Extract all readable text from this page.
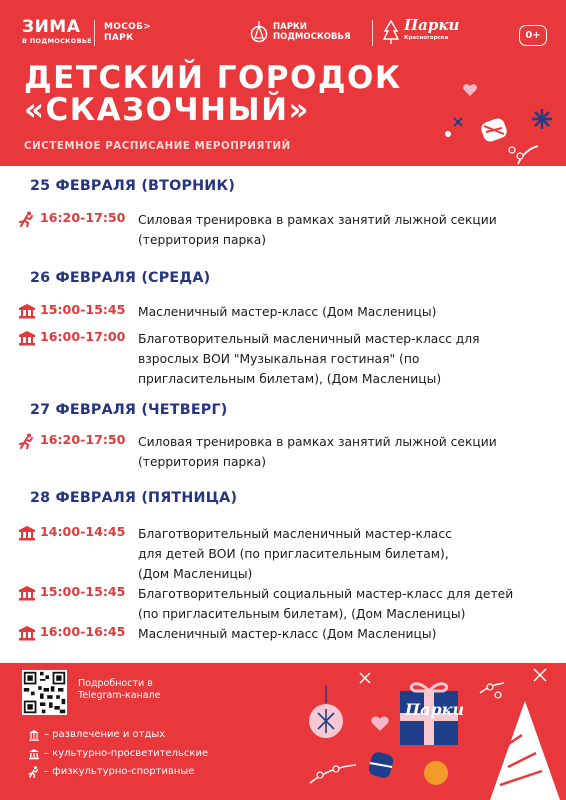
ЗИМА
В ПОДМОСКОВЬЕ
МОСОБ>
ПАРК
ПАРКИ
ПОДМОСКОВЬЯ
Парки
Красногорска	0+
ДЕТСКИЙ ГОРОДОК
«СКАЗОЧНЫЙ»
СИСТЕМНОЕ РАСПИСАНИЕ МЕРОПРИЯТИЙ
25 ФЕВРАЛЯ (ВТОРНИК)
16:20-17:50 Силовая тренировка в рамках занятий лыжной секции
(территория парка)
26 ФЕВРАЛЯ (СРЕДА)
15:00-15:45 Масленичный мастер-класс (Дом Масленицы)
16:00-17:00 Благотворительный масленичный мастер-класс для
взрослых ВОИ "Музыкальная гостиная" (по
пригласительным билетам), (Дом Масленицы)
27 ФЕВРАЛЯ (ЧЕТВЕРГ)
16:20-17:50 Силовая тренировка в рамках занятий лыжной секции
(территория парка)
28 ФЕВРАЛЯ (ПЯТНИЦА)
14:00-14:45 Благотворительный масленичный мастер-класс
для детей ВОИ (по пригласительным билетам),
(Дом Масленицы)
15:00-15:45 Благотворительный социальный мастер-класс для детей
(по пригласительным билетам), (Дом Масленицы)
16:00-16:45 Масленичный мастер-класс (Дом Масленицы)
Подробности в
Telegram-канале
– развлечение и отдых
– культурно-просветительские
– физкультурно-спортивные
Парки
